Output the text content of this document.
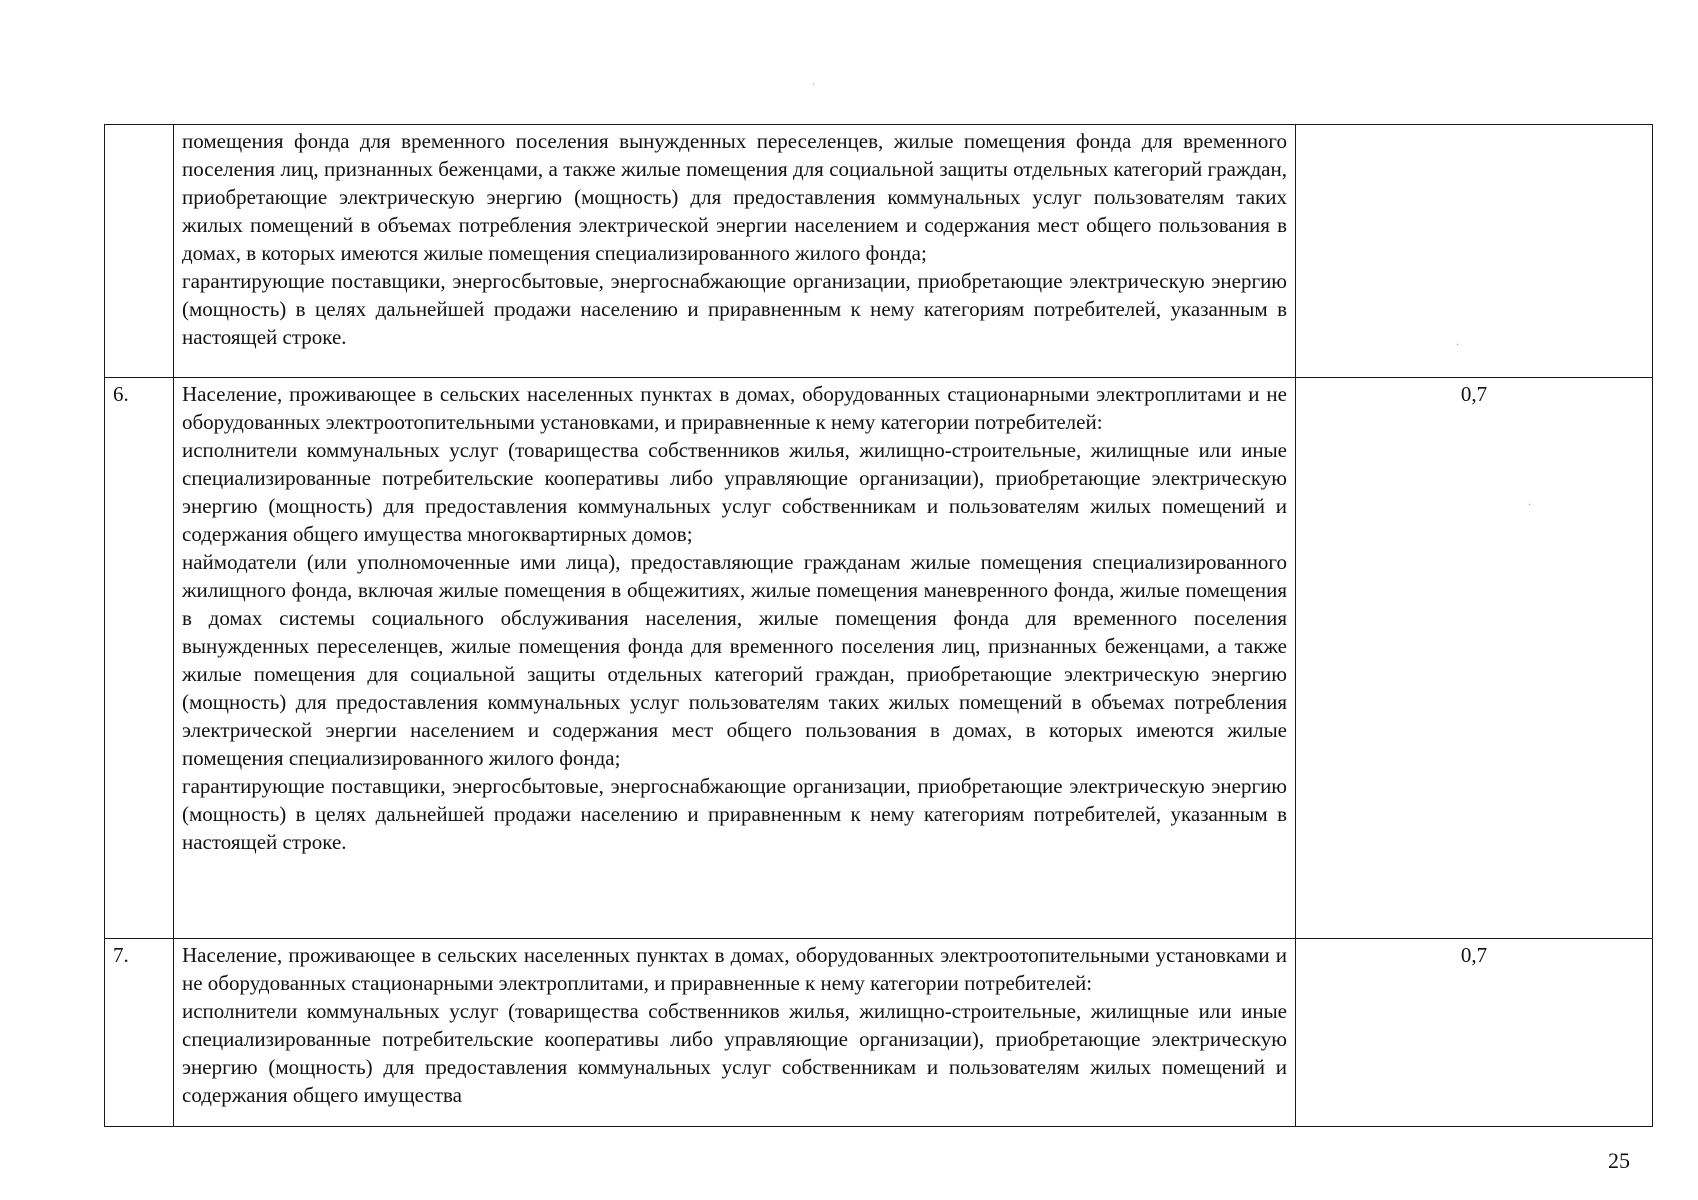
	помещения фонда для временного поселения вынужденных переселенцев, жилые помещения фонда для временного поселения лиц, признанных беженцами, а также жилые помещения для социальной защиты отдельных категорий граждан, приобретающие электрическую энергию (мощность) для предоставления коммунальных услуг пользователям таких жилых помещений в объемах потребления электрической энергии населением и содержания мест общего пользования в домах, в которых имеются жилые помещения специализированного жилого фонда;

гарантирующие поставщики, энергосбытовые, энергоснабжающие организации, приобретающие электрическую энергию (мощность) в целях дальнейшей продажи населению и приравненным к нему категориям потребителей, указанным в настоящей строке.	

6.	Население, проживающее в сельских населенных пунктах в домах, оборудованных стационарными электроплитами и не оборудованных электроотопительными установками, и приравненные к нему категории потребителей:

исполнители коммунальных услуг (товарищества собственников жилья, жилищно-строительные, жилищные или иные специализированные потребительские кооперативы либо управляющие организации), приобретающие электрическую энергию (мощность) для предоставления коммунальных услуг собственникам и пользователям жилых помещений и содержания общего имущества многоквартирных домов;

наймодатели (или уполномоченные ими лица), предоставляющие гражданам жилые помещения специализированного жилищного фонда, включая жилые помещения в общежитиях, жилые помещения маневренного фонда, жилые помещения в домах системы социального обслуживания населения, жилые помещения фонда для временного поселения вынужденных переселенцев, жилые помещения фонда для временного поселения лиц, признанных беженцами, а также жилые помещения для социальной защиты отдельных категорий граждан, приобретающие электрическую энергию (мощность) для предоставления коммунальных услуг пользователям таких жилых помещений в объемах потребления электрической энергии населением и содержания мест общего пользования в домах, в которых имеются жилые помещения специализированного жилого фонда;

гарантирующие поставщики, энергосбытовые, энергоснабжающие организации, приобретающие электрическую энергию (мощность) в целях дальнейшей продажи населению и приравненным к нему категориям потребителей, указанным в настоящей строке.	0,7
7.	Население, проживающее в сельских населенных пунктах в домах, оборудованных электроотопительными установками и не оборудованных стационарными электроплитами, и приравненные к нему категории потребителей:

исполнители коммунальных услуг (товарищества собственников жилья, жилищно-строительные, жилищные или иные специализированные потребительские кооперативы либо управляющие организации), приобретающие электрическую энергию (мощность) для предоставления коммунальных услуг собственникам и пользователям жилых помещений и содержания общего имущества	0,7
25
·
·
·
